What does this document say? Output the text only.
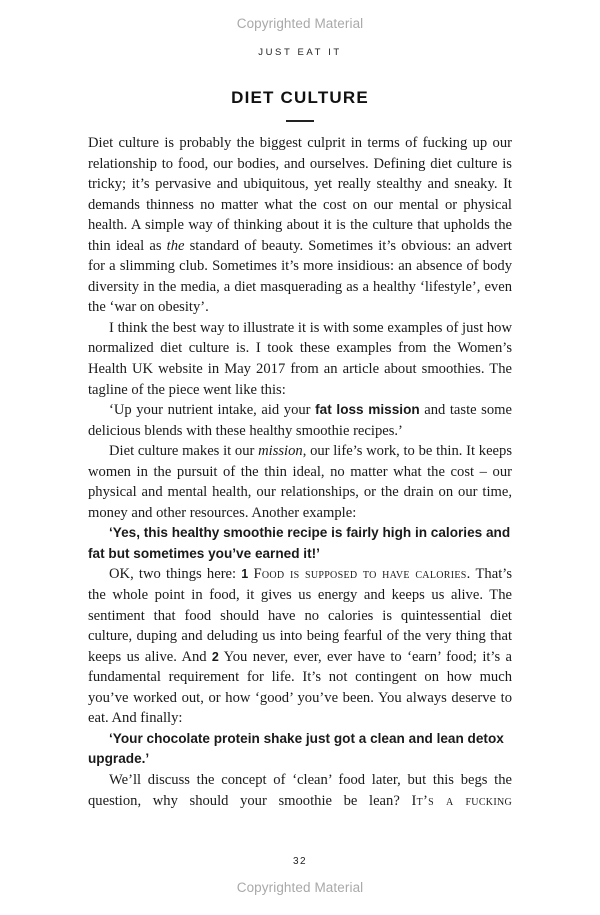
Copyrighted Material
JUST EAT IT
DIET CULTURE

Diet culture is probably the biggest culprit in terms of fucking up our relationship to food, our bodies, and ourselves. Defining diet culture is tricky; it’s pervasive and ubiquitous, yet really stealthy and sneaky. It demands thinness no matter what the cost on our mental or physical health. A simple way of thinking about it is the culture that upholds the thin ideal as the standard of beauty. Sometimes it’s obvious: an advert for a slimming club. Sometimes it’s more insidious: an absence of body diversity in the media, a diet masquerading as a healthy ‘lifestyle’, even the ‘war on obesity’.

I think the best way to illustrate it is with some examples of just how normalized diet culture is. I took these examples from the Women’s Health UK website in May 2017 from an article about smoothies. The tagline of the piece went like this:

‘Up your nutrient intake, aid your fat loss mission and taste some delicious blends with these healthy smoothie recipes.’

Diet culture makes it our mission, our life’s work, to be thin. It keeps women in the pursuit of the thin ideal, no matter what the cost – our physical and mental health, our relationships, or the drain on our time, money and other resources. Another example:

‘Yes, this healthy smoothie recipe is fairly high in calories and fat but sometimes you’ve earned it!’

OK, two things here: 1 Food is supposed to have calories. That’s the whole point in food, it gives us energy and keeps us alive. The sentiment that food should have no calories is quintessential diet culture, duping and deluding us into being fearful of the very thing that keeps us alive. And 2 You never, ever, ever have to ‘earn’ food; it’s a fundamental requirement for life. It’s not contingent on how much you’ve worked out, or how ‘good’ you’ve been. You always deserve to eat. And finally:

‘Your chocolate protein shake just got a clean and lean detox upgrade.’

We’ll discuss the concept of ‘clean’ food later, but this begs the question, why should your smoothie be lean? It’s a fucking

32
Copyrighted Material
